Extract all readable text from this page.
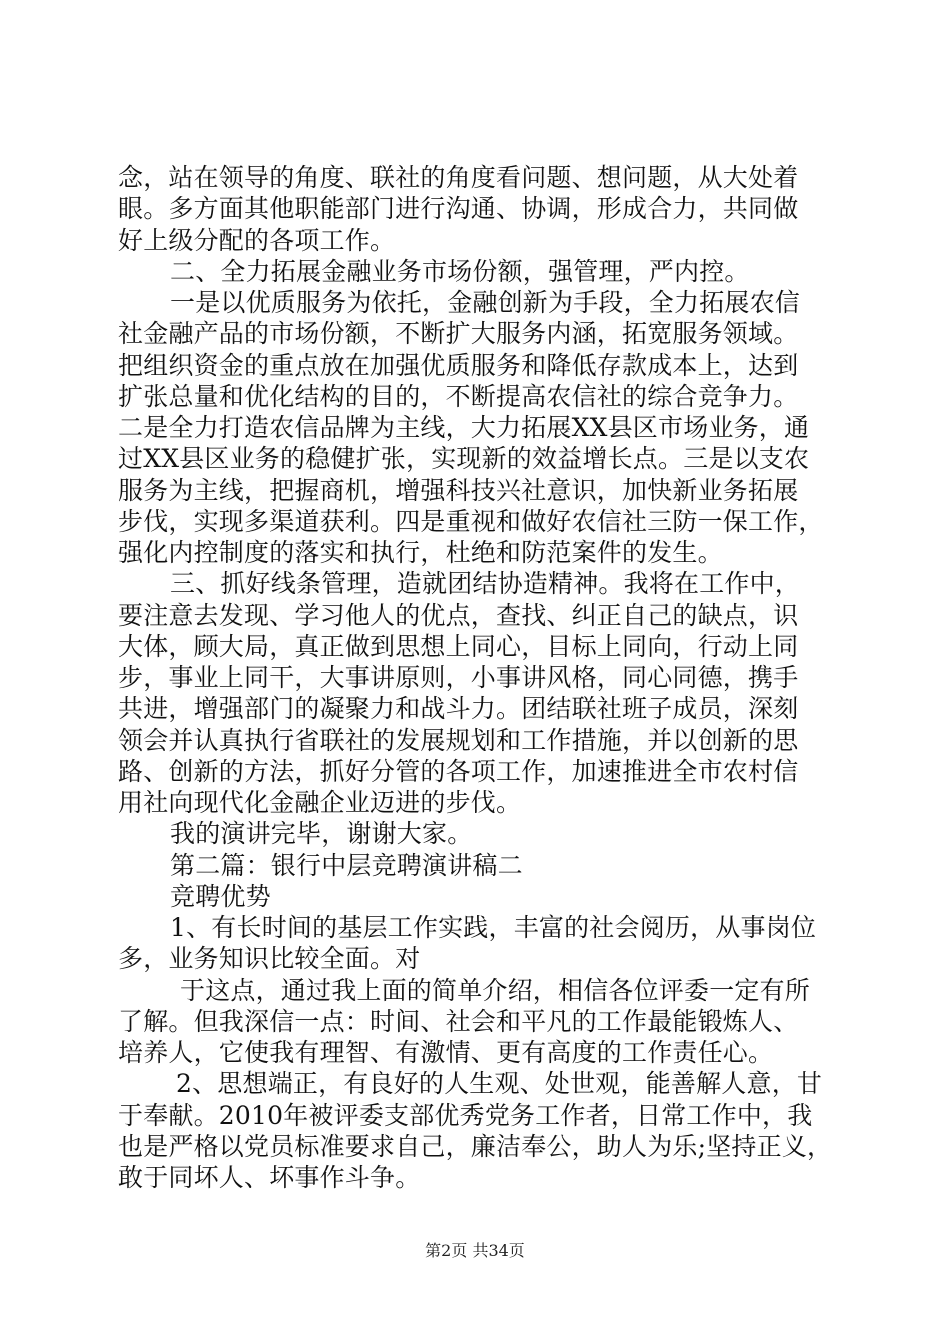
念，站在领导的角度、联社的角度看问题、想问题，从大处着
眼。多方面其他职能部门进行沟通、协调，形成合力，共同做
好上级分配的各项工作。
二、全力拓展金融业务市场份额，强管理，严内控。
一是以优质服务为依托，金融创新为手段，全力拓展农信
社金融产品的市场份额，不断扩大服务内涵，拓宽服务领域。
把组织资金的重点放在加强优质服务和降低存款成本上，达到
扩张总量和优化结构的目的，不断提高农信社的综合竞争力。
二是全力打造农信品牌为主线，大力拓展XX县区市场业务，通
过XX县区业务的稳健扩张，实现新的效益增长点。三是以支农
服务为主线，把握商机，增强科技兴社意识，加快新业务拓展
步伐，实现多渠道获利。四是重视和做好农信社三防一保工作，
强化内控制度的落实和执行，杜绝和防范案件的发生。
三、抓好线条管理，造就团结协造精神。我将在工作中，
要注意去发现、学习他人的优点，查找、纠正自己的缺点，识
大体，顾大局，真正做到思想上同心，目标上同向，行动上同
步，事业上同干，大事讲原则，小事讲风格，同心同德，携手
共进，增强部门的凝聚力和战斗力。团结联社班子成员，深刻
领会并认真执行省联社的发展规划和工作措施，并以创新的思
路、创新的方法，抓好分管的各项工作，加速推进全市农村信
用社向现代化金融企业迈进的步伐。
我的演讲完毕，谢谢大家。
第二篇：银行中层竞聘演讲稿二
竞聘优势
1、有长时间的基层工作实践，丰富的社会阅历，从事岗位
多，业务知识比较全面。对
于这点，通过我上面的简单介绍，相信各位评委一定有所
了解。但我深信一点：时间、社会和平凡的工作最能锻炼人、
培养人，它使我有理智、有激情、更有高度的工作责任心。
2、思想端正，有良好的人生观、处世观，能善解人意，甘
于奉献。2010年被评委支部优秀党务工作者，日常工作中，我
也是严格以党员标准要求自己，廉洁奉公，助人为乐;坚持正义，
敢于同坏人、坏事作斗争。
第2页 共34页
